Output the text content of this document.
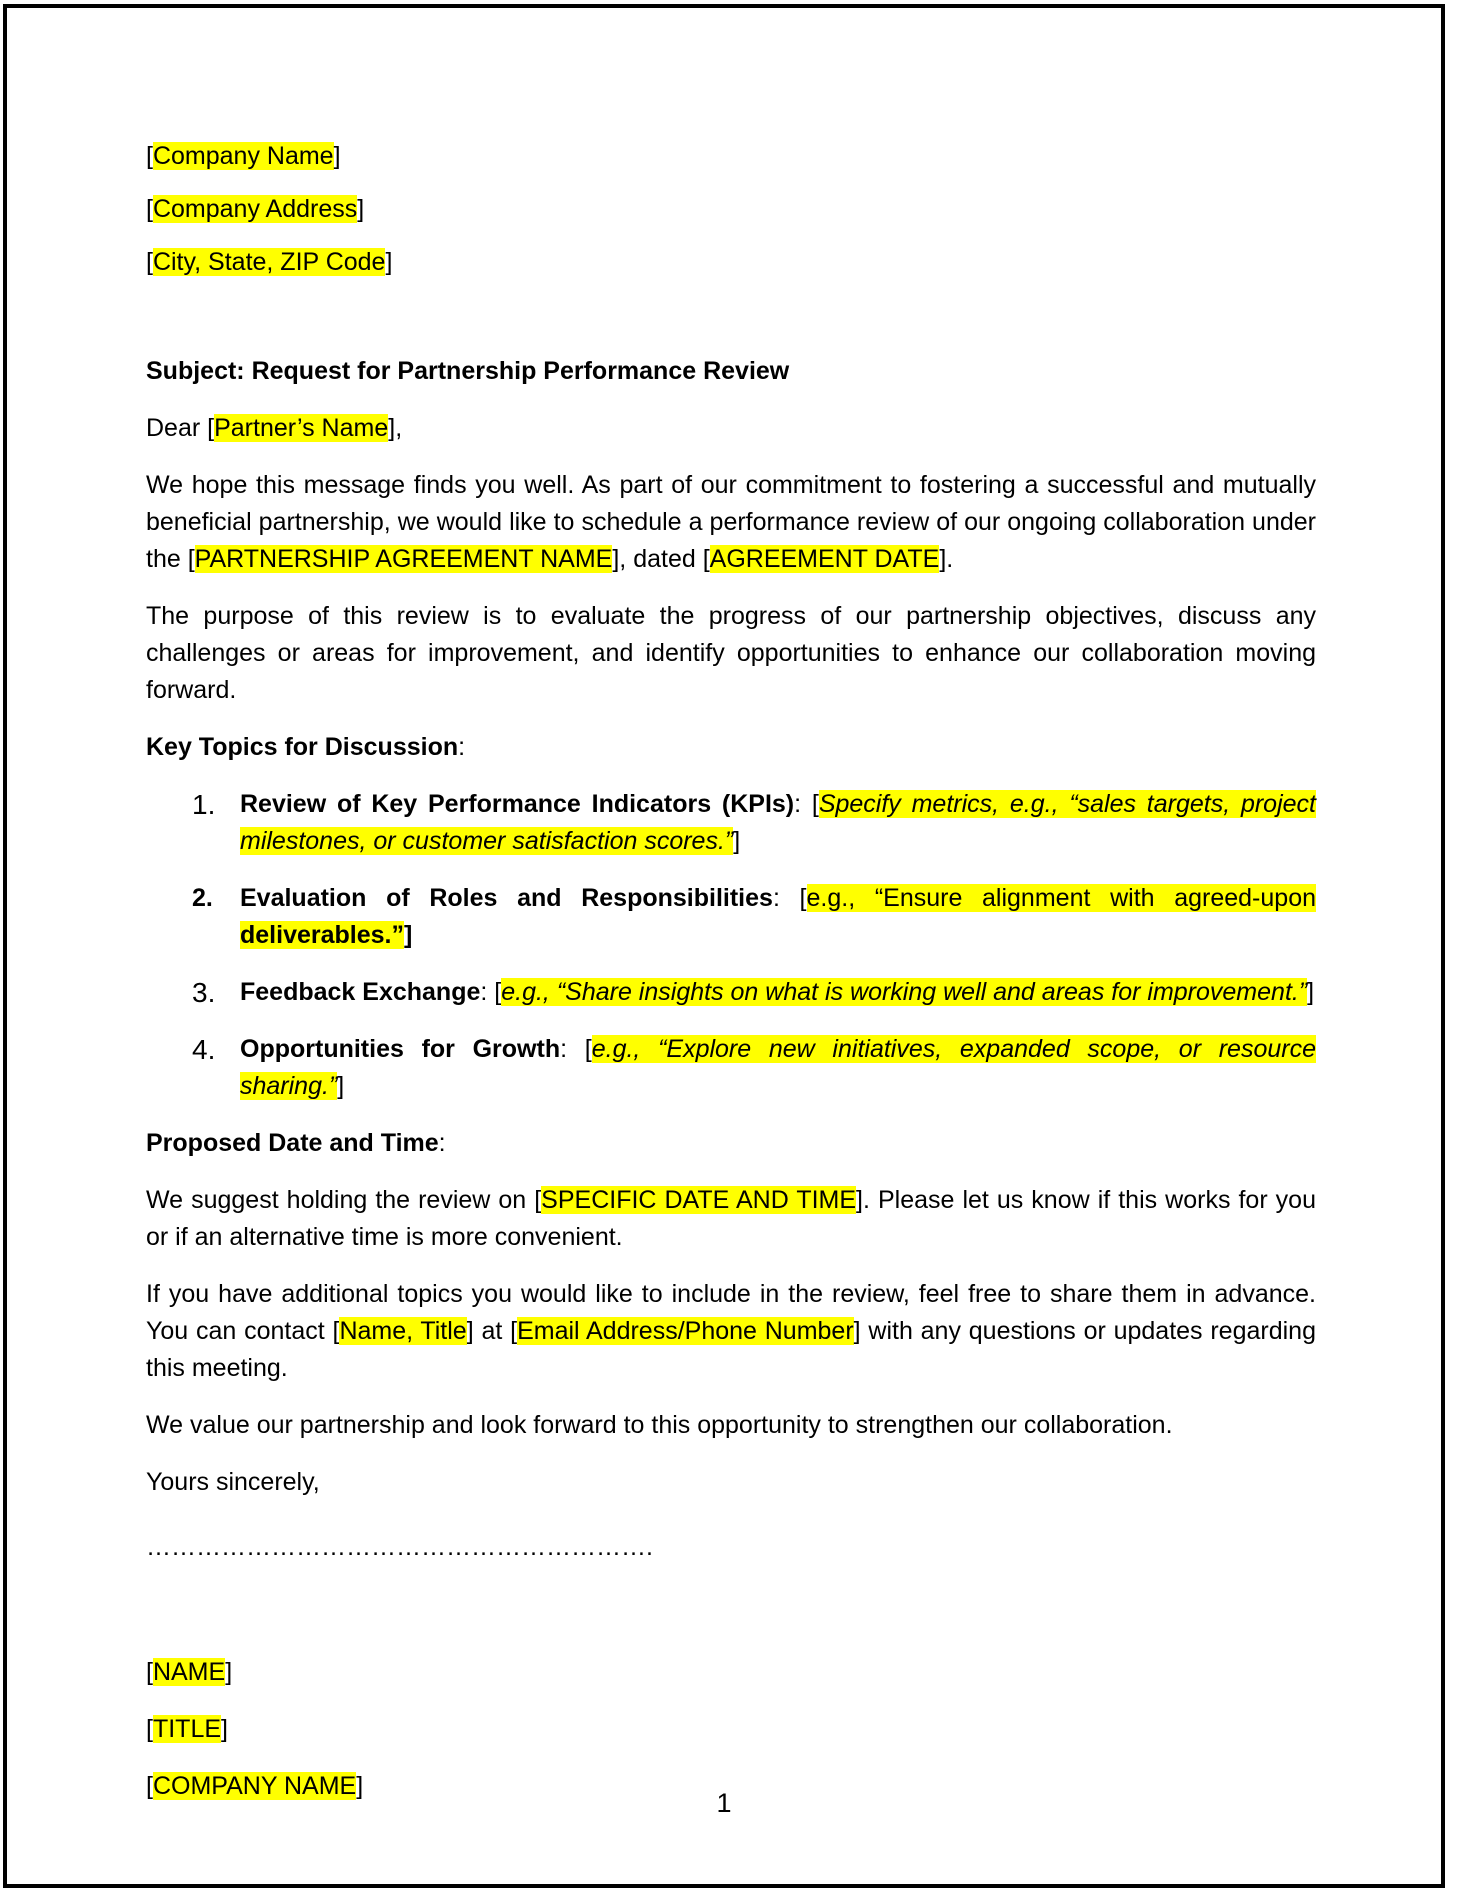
[Company Name]
[Company Address]
[City, State, ZIP Code]

Subject: Request for Partnership Performance Review

Dear [Partner’s Name],

We hope this message finds you well. As part of our commitment to fostering a successful and mutually beneficial partnership, we would like to schedule a performance review of our ongoing collaboration under the [PARTNERSHIP AGREEMENT NAME], dated [AGREEMENT DATE].

The purpose of this review is to evaluate the progress of our partnership objectives, discuss any challenges or areas for improvement, and identify opportunities to enhance our collaboration moving forward.

Key Topics for Discussion:

1. Review of Key Performance Indicators (KPIs): [Specify metrics, e.g., “sales targets, project milestones, or customer satisfaction scores.”]
2. Evaluation of Roles and Responsibilities: [e.g., “Ensure alignment with agreed-upon deliverables.”]
3. Feedback Exchange: [e.g., “Share insights on what is working well and areas for improvement.”]
4. Opportunities for Growth: [e.g., “Explore new initiatives, expanded scope, or resource sharing.”]

Proposed Date and Time:

We suggest holding the review on [SPECIFIC DATE AND TIME]. Please let us know if this works for you or if an alternative time is more convenient.

If you have additional topics you would like to include in the review, feel free to share them in advance. You can contact [Name, Title] at [Email Address/Phone Number] with any questions or updates regarding this meeting.

We value our partnership and look forward to this opportunity to strengthen our collaboration.

Yours sincerely,

…………………………………………………….
[NAME]
[TITLE]
[COMPANY NAME]
1
